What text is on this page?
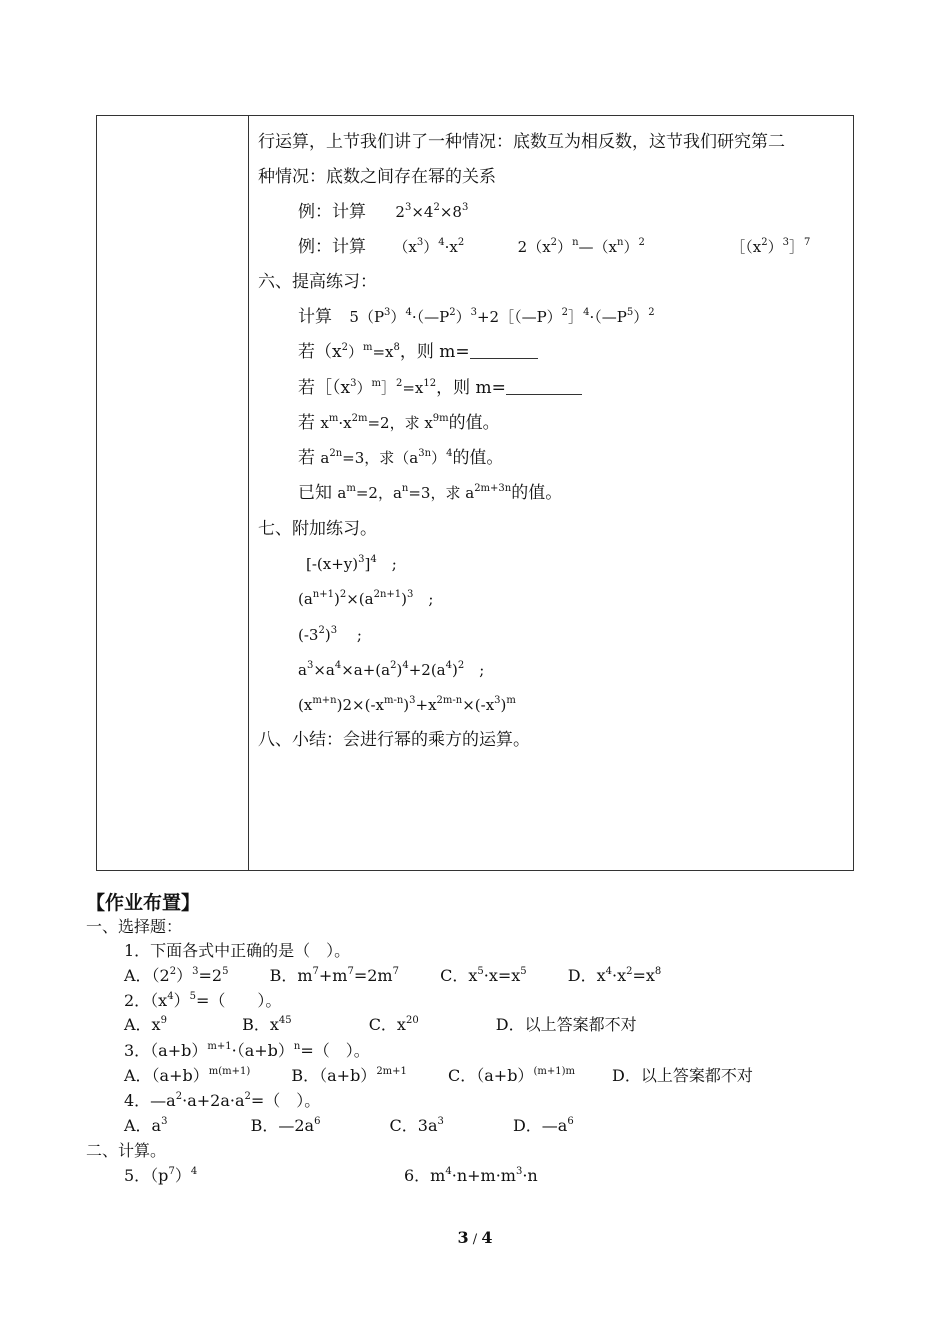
行运算，上节我们讲了一种情况：底数互为相反数，这节我们研究第二
种情况：底数之间存在幂的关系
例：计算 $2^3\times 4^2\times 8^3$
例：计算 $(x^3)^4\cdot x^2$	$2(x^2)^n—(x^n)^2$	$[(x^2)^3]^7$
六、提高练习：
计算 $5(P^3)^4\cdot(—P^2)^3+2[(—P)^2]^4\cdot(—P^5)^2$
若$(x^2)^m=x^8$，则 m=
若$[(x^3)^m]^2=x^{12}$，则 m=
若 $x^m\cdot x^{2m}=2$，求 $x^{9m}$的值。
若 $a^{2n}=3$，求$(a^{3n})^4$的值。
已知 $a^m=2$，$a^n=3$，求 $a^{2m+3n}$的值。
七、附加练习。
$[-(x+y)^3]^4$　;
$(a^{n+1})^2\times(a^{2n+1})^3$　;
$(-3^2)^3$　 ;
$a^3\times a^4\times a+(a^2)^4+2(a^4)^2$　;
$(x^{m+n})2\times(-x^{m-n})^3+x^{2m-n}\times(-x^3)^m$
八、小结：会进行幂的乘方的运算。
【作业布置】
一、选择题：
1．下面各式中正确的是（　）。
A．$(2^2)^3=2^5$	B．$m^7+m^7=2m^7$	C．$x^5\cdot x=x^5$	D．$x^4\cdot x^2=x^8$
2．$(x^4)^5=$（　　）。
A．$x^9$	B．$x^{45}$	C．$x^{20}$	D．以上答案都不对
3．$(a+b)^{m+1}\cdot(a+b)^n=$（　）。
A．$(a+b)^{m(m+1)}$	B．$(a+b)^{2m+1}$	C．$(a+b)^{(m+1)m}$ D．以上答案都不对
4．$—a^2\cdot a+2a\cdot a^2=$（　）。
A．$a^3$	B．$—2a^6$	C．$3a^3$	D．$—a^6$
二、计算。
5．$(p^7)^4$	6．$m^4\cdot n+m\cdot m^3\cdot n$
3 / 4
